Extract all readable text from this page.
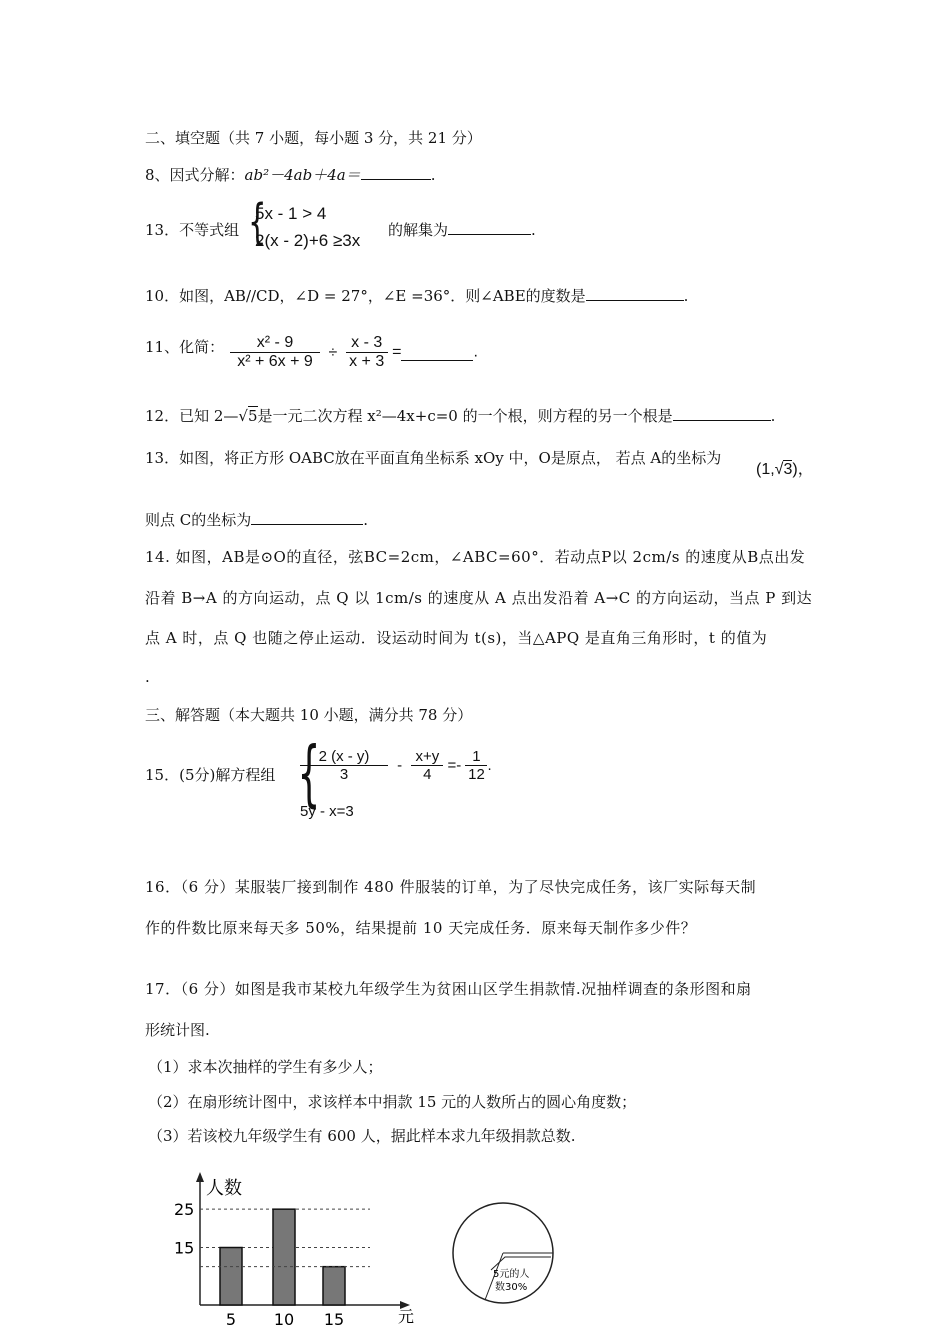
二、填空题（共 7 小题，每小题 3 分，共 21 分）
8、因式分解：ab²－4ab＋4a＝	.
13．不等式组 {
5x - 1 > 4
2(x - 2)+6 ≥3x
的解集为	.
10．如图，AB//CD，∠D = 27°，∠E =36°．则∠ABE的度数是	.
11、化简： $\frac{\text{x² - 9}}{\text{x² + 6x + 9}} \div \frac{x - 3}{x + 3}$ =	.
12．已知 2—√5是一元二次方程 x²—4x+c=0 的一个根，则方程的另一个根是	.
13．如图，将正方形 OABC放在平面直角坐标系 xOy 中，O是原点， 若点 A的坐标为
(1,√3)，
则点 C的坐标为	.
14. 如图，AB是⊙O的直径，弦BC=2cm，∠ABC=60°．若动点P以 2cm/s 的速度从B点出发
沿着 B→A 的方向运动，点 Q 以 1cm/s 的速度从 A 点出发沿着 A→C 的方向运动，当点 P 到达
点 A 时，点 Q 也随之停止运动．设运动时间为 t(s)，当△APQ 是直角三角形时，t 的值为
.
三、解答题（本大题共 10 小题，满分共 78 分）
15．(5分)解方程组 {
$\frac{2 (x - y)}{3} - \frac{x+y}{4} =- \frac{1}{12}$ .
5y - x=3
16．（6 分）某服装厂接到制作 480 件服装的订单，为了尽快完成任务，该厂实际每天制
作的件数比原来每天多 50%，结果提前 10 天完成任务．原来每天制作多少件？
17．（6 分）如图是我市某校九年级学生为贫困山区学生捐款情.况抽样调查的条形图和扇
形统计图.
（1）求本次抽样的学生有多少人；
（2）在扇形统计图中，求该样本中捐款 15 元的人数所占的圆心角度数；
（3）若该校九年级学生有 600 人，据此样本求九年级捐款总数.
人数
元
15
25
5 10 15
5元的人
数30%
